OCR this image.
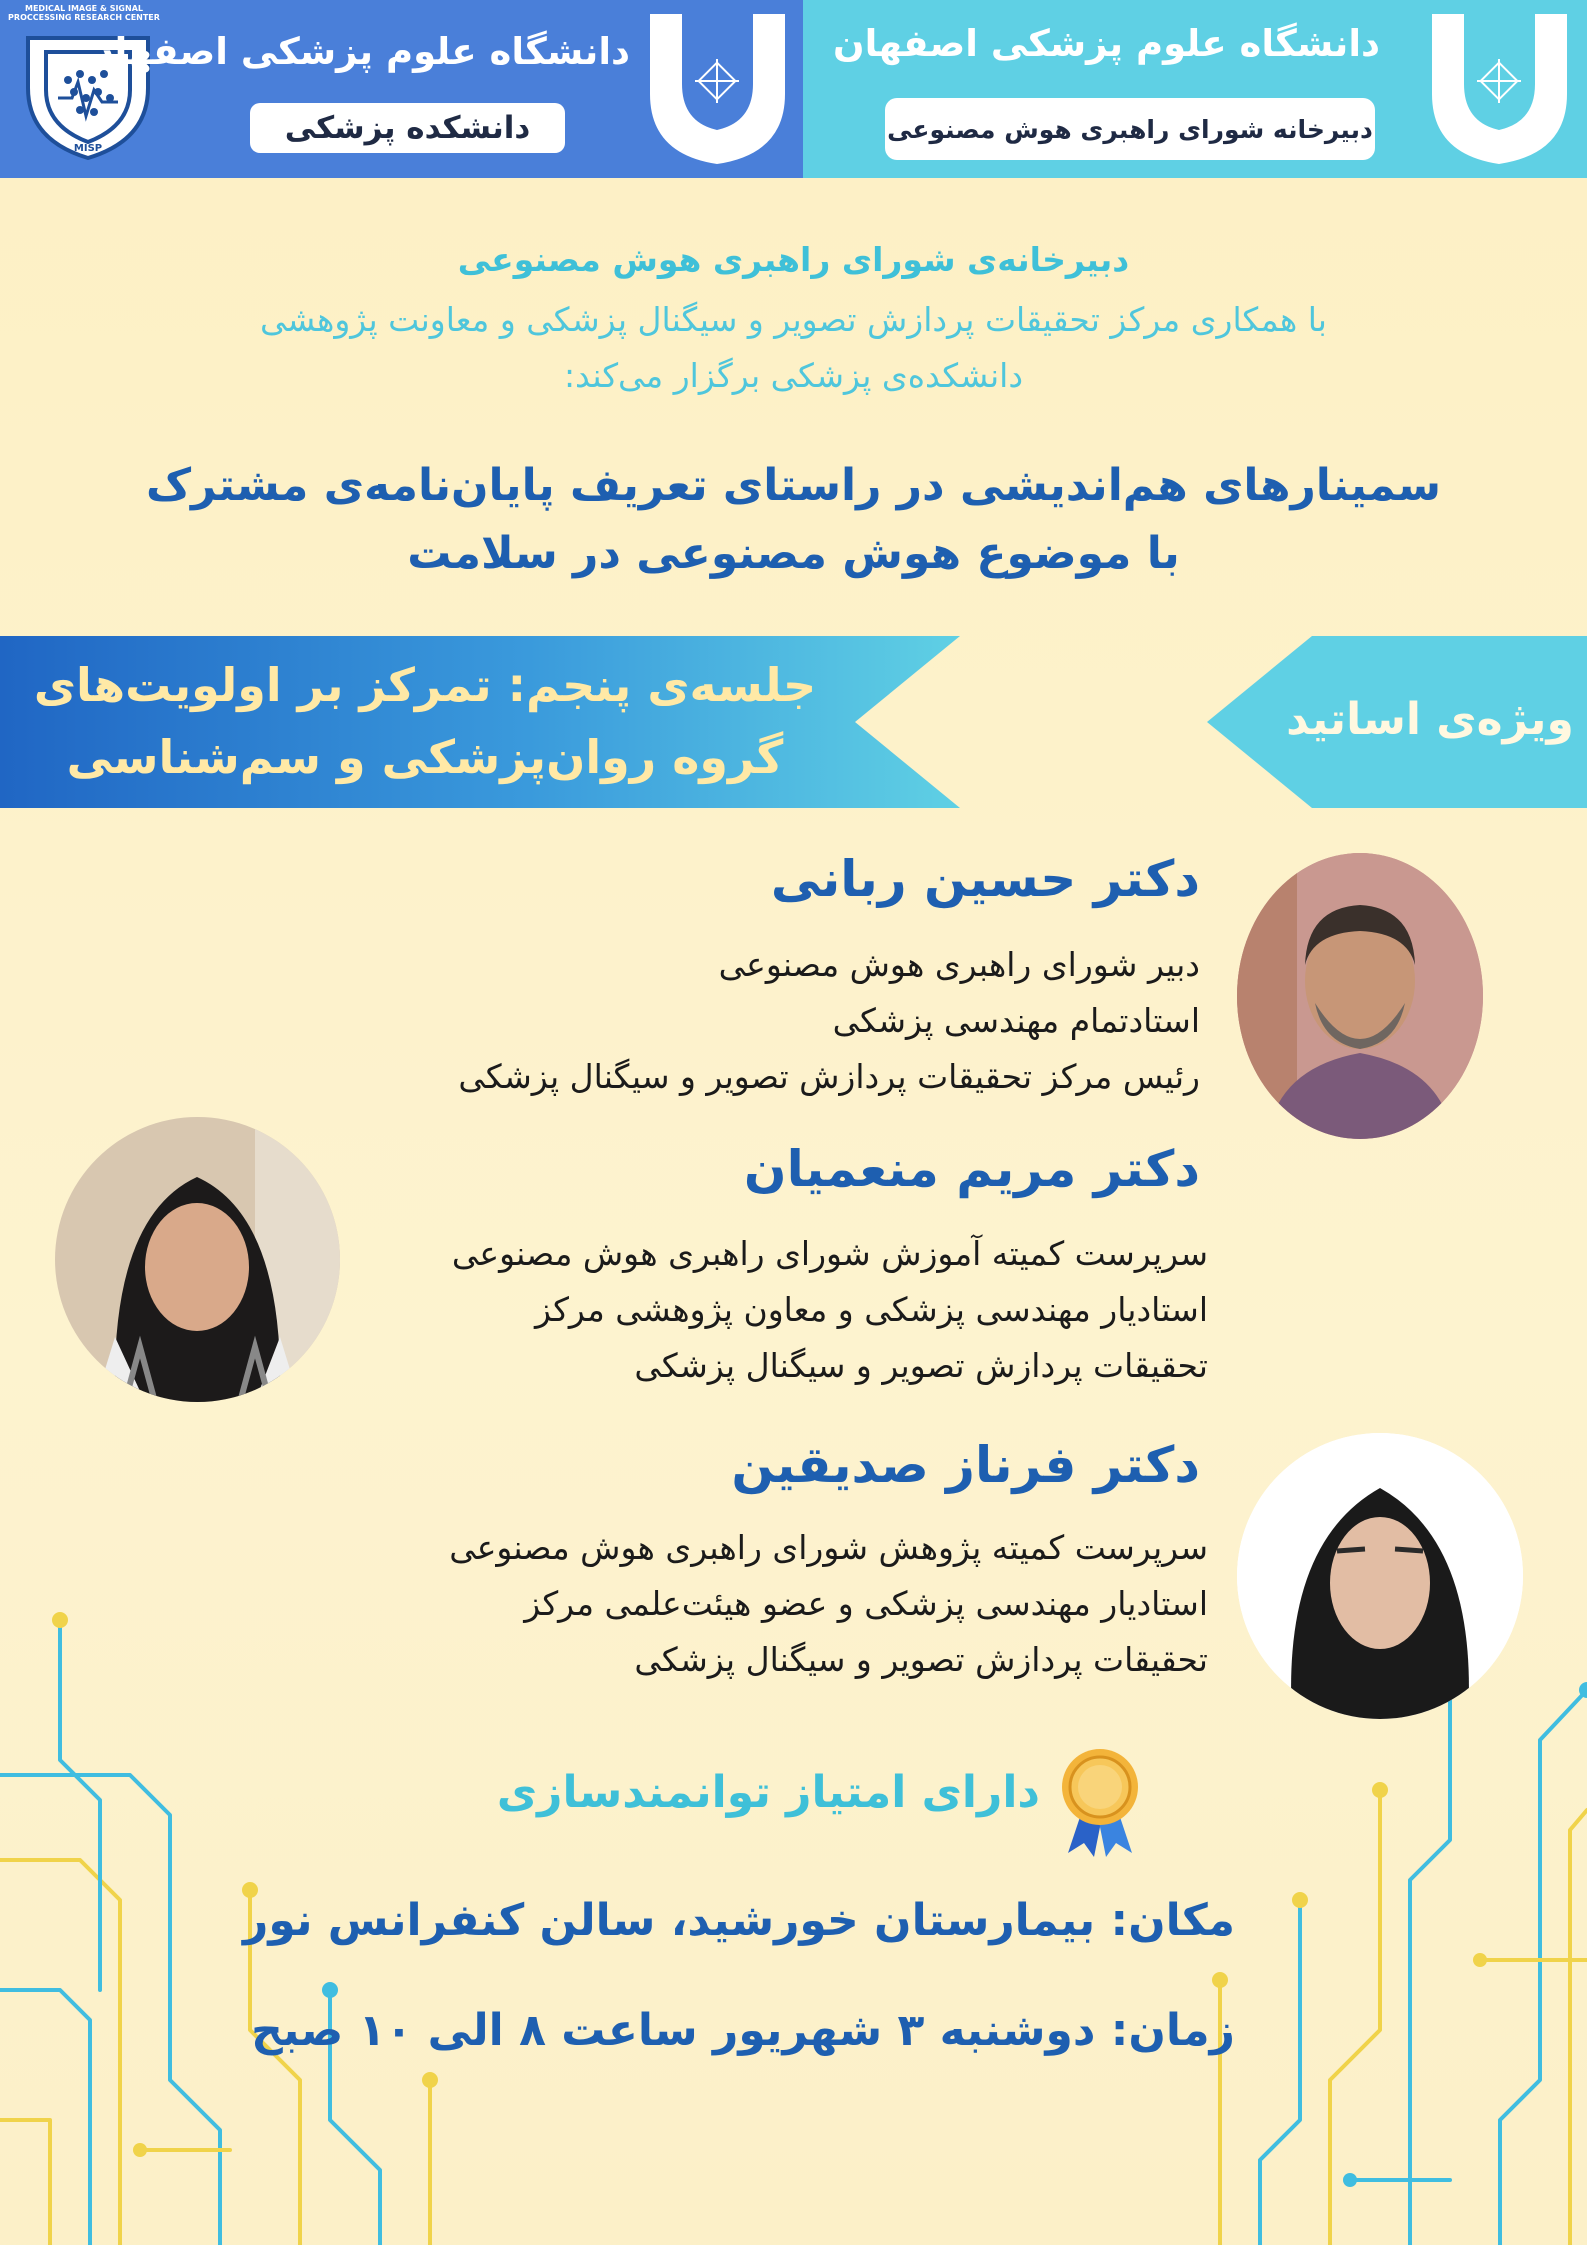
MEDICAL IMAGE & SIGNAL PROCCESSING RESEARCH CENTER
MISP
دانشگاه علوم پزشکی اصفهان
دانشکده پزشکی
دانشگاه علوم پزشکی اصفهان
دبیرخانه شورای راهبری هوش مصنوعی
دبیرخانه‌ی شورای راهبری هوش مصنوعی
با همکاری مرکز تحقیقات پردازش تصویر و سیگنال پزشکی و معاونت پژوهشی
دانشکده‌ی پزشکی برگزار می‌کند:
سمینارهای هم‌اندیشی در راستای تعریف پایان‌نامه‌ی مشترک
با موضوع هوش مصنوعی در سلامت
جلسه‌ی پنجم: تمرکز بر اولویت‌های
گروه روان‌پزشکی و سم‌شناسی
ویژه‌ی اساتید
دکتر حسین ربانی
دبیر شورای راهبری هوش مصنوعی
استادتمام مهندسی پزشکی
رئیس مرکز تحقیقات پردازش تصویر و سیگنال پزشکی
دکتر مریم منعمیان
سرپرست کمیته آموزش شورای راهبری هوش مصنوعی
استادیار مهندسی پزشکی و معاون پژوهشی مرکز
تحقیقات پردازش تصویر و سیگنال پزشکی
دکتر فرناز صدیقین
سرپرست کمیته پژوهش شورای راهبری هوش مصنوعی
استادیار مهندسی پزشکی و عضو هیئت‌علمی مرکز
تحقیقات پردازش تصویر و سیگنال پزشکی
دارای امتیاز توانمندسازی
مکان: بیمارستان خورشید، سالن کنفرانس نور
زمان: دوشنبه ۳ شهریور ساعت ۸ الی ۱۰ صبح
